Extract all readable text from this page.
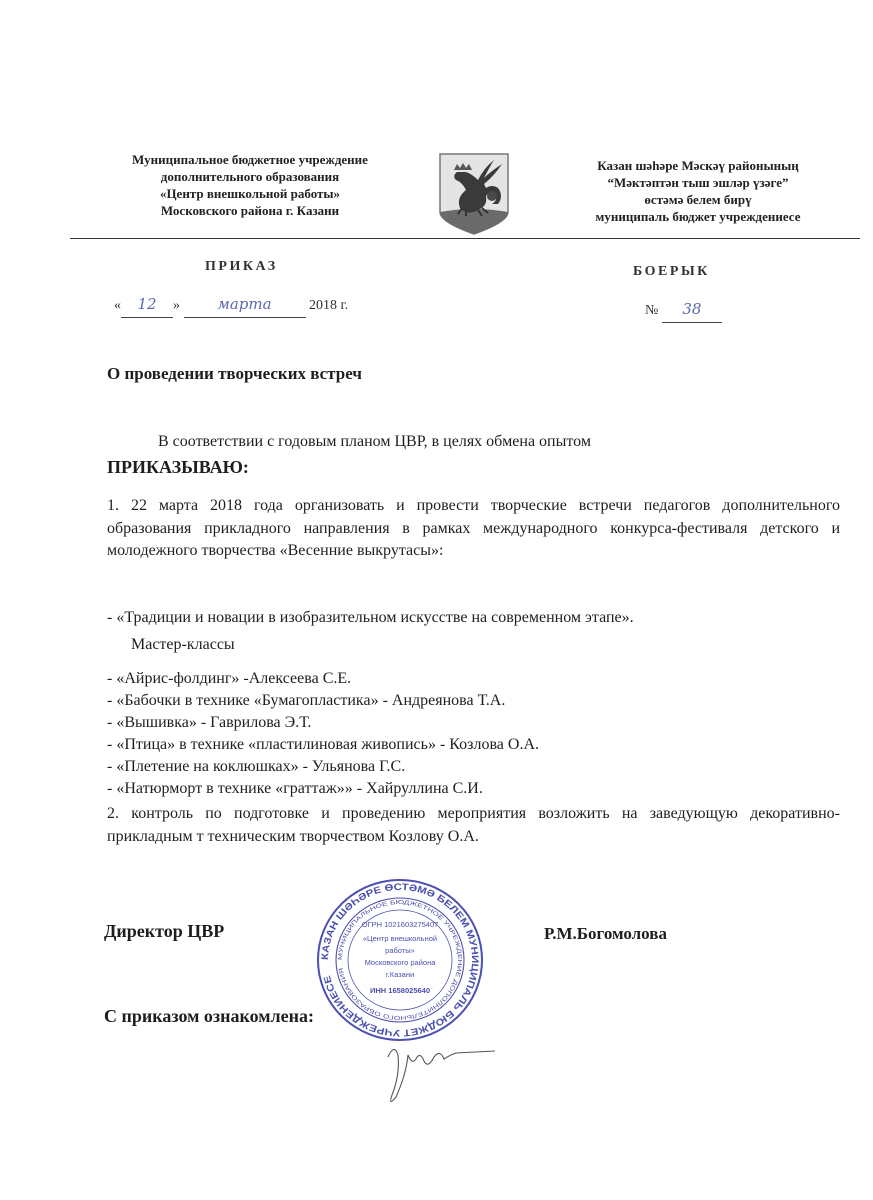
Муниципальное бюджетное учреждение
дополнительного образования
«Центр внешкольной работы»
Московского района г. Казани
Казан шәһәре Мәскәү районының
“Мәктәптән тыш эшләр үзәге”
өстәмә белем бирү
муниципаль бюджет учреждениесе
ПРИКАЗ	БОЕРЫК
« 12 » марта	2018 г.	№ 38
О проведении творческих встреч
В соответствии с годовым планом ЦВР, в целях обмена опытом
ПРИКАЗЫВАЮ:
1. 22 марта 2018 года организовать и провести творческие встречи педагогов дополнительного образования прикладного направления в рамках международного конкурса-фестиваля детского и молодежного творчества «Весенние выкрутасы»:
- «Традиции и новации в изобразительном искусстве на современном этапе».
Мастер-классы
- «Айрис-фолдинг» -Алексеева С.Е.
- «Бабочки в технике «Бумагопластика» - Андреянова Т.А.
- «Вышивка» - Гаврилова Э.Т.
- «Птица» в технике «пластилиновая живопись» - Козлова О.А.
- «Плетение на коклюшках» - Ульянова Г.С.
- «Натюрморт в технике «граттаж»» - Хайруллина С.И.
2. контроль по подготовке и проведению мероприятия возложить на заведующую декоративно-прикладным т техническим творчеством Козлову О.А.
Директор ЦВР	Р.М.Богомолова
КАЗАН ШӘҺӘРЕ ӨСТӘМӘ БЕЛЕМ МУНИЦИПАЛЬ БЮДЖЕТ УЧРЕЖДЕНИЕСЕ
МУНИЦИПАЛЬНОЕ БЮДЖЕТНОЕ УЧРЕЖДЕНИЕ ДОПОЛНИТЕЛЬНОГО ОБРАЗОВАНИЯ
ОГРН 1021603275407
«Центр внешкольной
работы»
Московского района
г.Казани
ИНН 1658025640
С приказом ознакомлена:
